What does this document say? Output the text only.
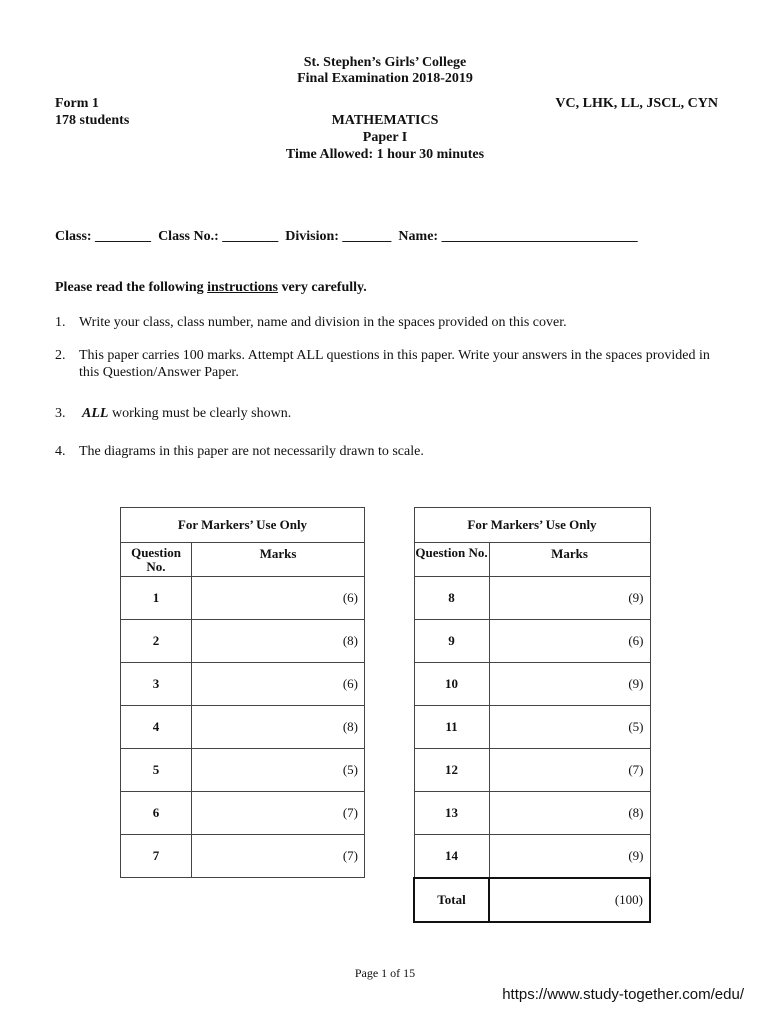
St. Stephen’s Girls’ College
Final Examination 2018-2019
Form 1
178 students
VC, LHK, LL, JSCL, CYN
MATHEMATICS
Paper I
Time Allowed: 1 hour 30 minutes
Class: ________ Class No.: ________ Division: _______ Name: ____________________________
Please read the following instructions very carefully.
1. Write your class, class number, name and division in the spaces provided on this cover.
2. This paper carries 100 marks. Attempt ALL questions in this paper. Write your answers in the spaces provided in this Question/Answer Paper.
3. ALL working must be clearly shown.
4. The diagrams in this paper are not necessarily drawn to scale.
For Markers’ Use Only	
Question No.	Marks
1	(6)
2	(8)
3	(6)
4	(8)
5	(5)
6	(7)
7	(7)
For Markers’ Use Only	
Question No.	Marks
8	(9)
9	(6)
10	(9)
11	(5)
12	(7)
13	(8)
14	(9)
Total	(100)
Page 1 of 15
https://www.study-together.com/edu/
